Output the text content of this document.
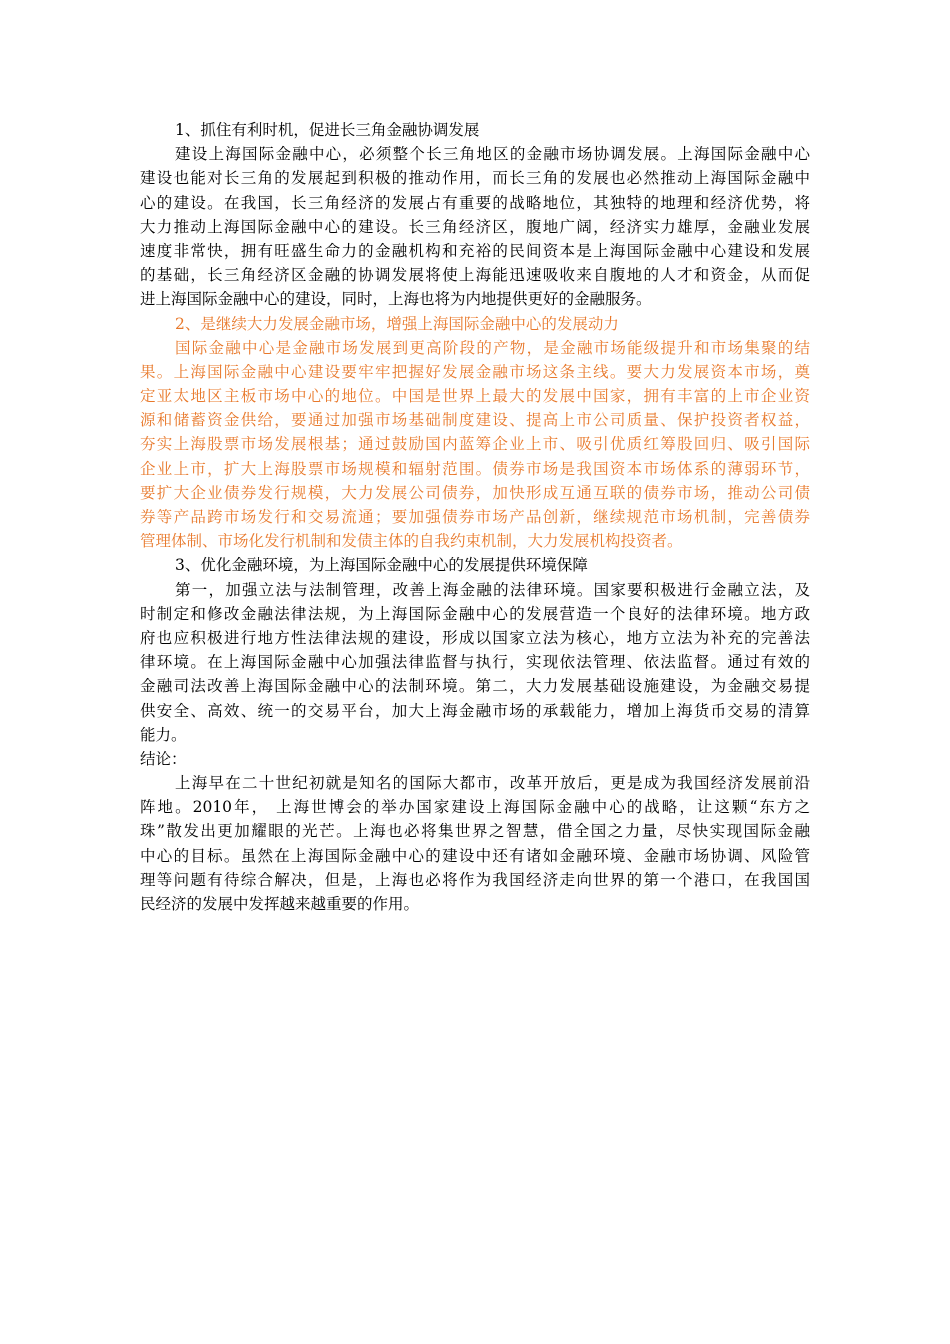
1、抓住有利时机，促进长三角金融协调发展
建设上海国际金融中心，必须整个长三角地区的金融市场协调发展。上海国际金融中心
建设也能对长三角的发展起到积极的推动作用，而长三角的发展也必然推动上海国际金融中
心的建设。在我国，长三角经济的发展占有重要的战略地位，其独特的地理和经济优势，将
大力推动上海国际金融中心的建设。长三角经济区，腹地广阔，经济实力雄厚，金融业发展
速度非常快，拥有旺盛生命力的金融机构和充裕的民间资本是上海国际金融中心建设和发展
的基础，长三角经济区金融的协调发展将使上海能迅速吸收来自腹地的人才和资金，从而促
进上海国际金融中心的建设，同时，上海也将为内地提供更好的金融服务。
2、是继续大力发展金融市场，增强上海国际金融中心的发展动力
国际金融中心是金融市场发展到更高阶段的产物，是金融市场能级提升和市场集聚的结
果。上海国际金融中心建设要牢牢把握好发展金融市场这条主线。要大力发展资本市场，奠
定亚太地区主板市场中心的地位。中国是世界上最大的发展中国家，拥有丰富的上市企业资
源和储蓄资金供给，要通过加强市场基础制度建设、提高上市公司质量、保护投资者权益，
夯实上海股票市场发展根基；通过鼓励国内蓝筹企业上市、吸引优质红筹股回归、吸引国际
企业上市，扩大上海股票市场规模和辐射范围。债券市场是我国资本市场体系的薄弱环节，
要扩大企业债券发行规模，大力发展公司债券，加快形成互通互联的债券市场，推动公司债
券等产品跨市场发行和交易流通；要加强债券市场产品创新，继续规范市场机制，完善债券
管理体制、市场化发行机制和发债主体的自我约束机制，大力发展机构投资者。
3、优化金融环境，为上海国际金融中心的发展提供环境保障
第一，加强立法与法制管理，改善上海金融的法律环境。国家要积极进行金融立法，及
时制定和修改金融法律法规，为上海国际金融中心的发展营造一个良好的法律环境。地方政
府也应积极进行地方性法律法规的建设，形成以国家立法为核心，地方立法为补充的完善法
律环境。在上海国际金融中心加强法律监督与执行，实现依法管理、依法监督。通过有效的
金融司法改善上海国际金融中心的法制环境。第二，大力发展基础设施建设，为金融交易提
供安全、高效、统一的交易平台，加大上海金融市场的承载能力，增加上海货币交易的清算
能力。
结论：
上海早在二十世纪初就是知名的国际大都市，改革开放后，更是成为我国经济发展前沿
阵地。2010年， 上海世博会的举办国家建设上海国际金融中心的战略，让这颗“东方之
珠”散发出更加耀眼的光芒。上海也必将集世界之智慧，借全国之力量，尽快实现国际金融
中心的目标。虽然在上海国际金融中心的建设中还有诸如金融环境、金融市场协调、风险管
理等问题有待综合解决，但是，上海也必将作为我国经济走向世界的第一个港口，在我国国
民经济的发展中发挥越来越重要的作用。
